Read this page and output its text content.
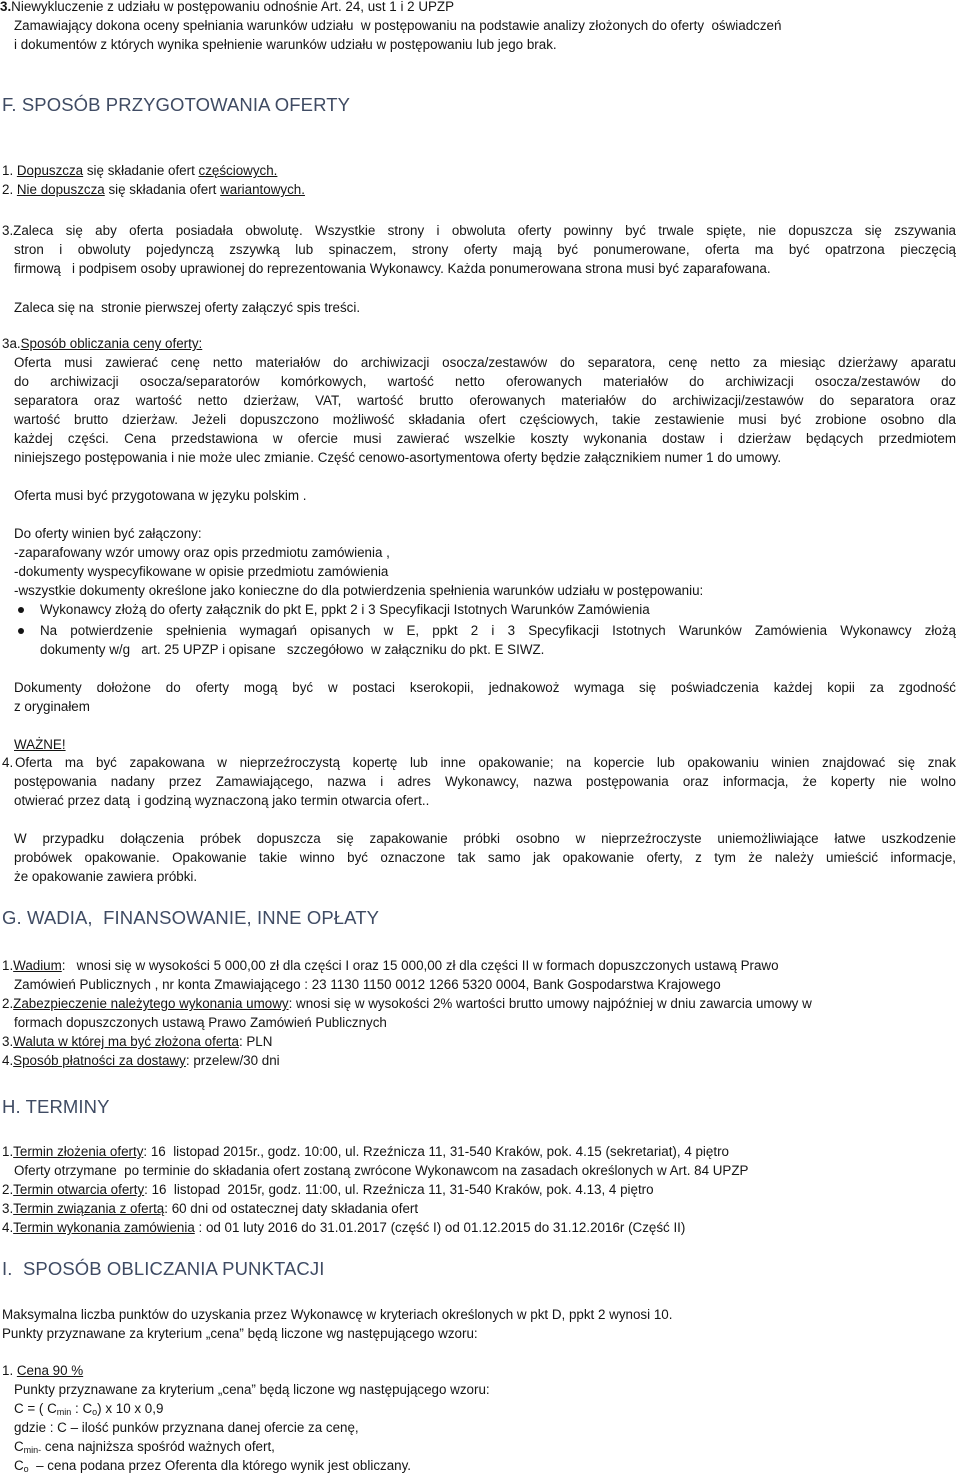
3.Niewykluczenie z udziału w postępowaniu odnośnie Art. 24, ust 1 i 2 UPZP
Zamawiający dokona oceny spełniania warunków udziału  w postępowaniu na podstawie analizy złożonych do oferty  oświadczeń
i dokumentów z których wynika spełnienie warunków udziału w postępowaniu lub jego brak.
F. SPOSÓB PRZYGOTOWANIA OFERTY
1. Dopuszcza się składanie ofert częściowych.
2. Nie dopuszcza się składania ofert wariantowych.
3.Zaleca się aby oferta posiadała obwolutę. Wszystkie strony i obwoluta oferty powinny być trwale spięte, nie dopuszcza się zszywania
stron i obwoluty pojedynczą zszywką lub spinaczem, strony oferty mają być ponumerowane, oferta ma być opatrzona pieczęcią
firmową   i podpisem osoby uprawionej do reprezentowania Wykonawcy. Każda ponumerowana strona musi być zaparafowana.
Zaleca się na  stronie pierwszej oferty załączyć spis treści.
3a.Sposób obliczania ceny oferty:
Oferta musi zawierać cenę netto materiałów do archiwizacji osocza/zestawów do separatora, cenę netto za miesiąc dzierżawy aparatu
do archiwizacji osocza/separatorów komórkowych, wartość netto oferowanych materiałów do archiwizacji osocza/zestawów do
separatora oraz wartość netto dzierżaw, VAT, wartość brutto oferowanych materiałów do archiwizacji/zestawów do separatora oraz
wartość brutto dzierżaw. Jeżeli dopuszczono możliwość składania ofert częściowych, takie zestawienie musi być zrobione osobno dla
każdej części. Cena przedstawiona w ofercie musi zawierać wszelkie koszty wykonania dostaw i dzierżaw będących przedmiotem
niniejszego postępowania i nie może ulec zmianie. Część cenowo-asortymentowa oferty będzie załącznikiem numer 1 do umowy.
Oferta musi być przygotowana w języku polskim .
Do oferty winien być załączony:
-zaparafowany wzór umowy oraz opis przedmiotu zamówienia ,
-dokumenty wyspecyfikowane w opisie przedmiotu zamówienia
-wszystkie dokumenty określone jako konieczne do dla potwierdzenia spełnienia warunków udziału w postępowaniu:
Wykonawcy złożą do oferty załącznik do pkt E, ppkt 2 i 3 Specyfikacji Istotnych Warunków Zamówienia
Na potwierdzenie spełnienia wymagań opisanych w E, ppkt 2 i 3 Specyfikacji Istotnych Warunków Zamówienia Wykonawcy złożą
dokumenty w/g   art. 25 UPZP i opisane   szczegółowo  w załączniku do pkt. E SIWZ.
Dokumenty dołożone do oferty mogą być w postaci kserokopii, jednakowoż wymaga się poświadczenia każdej kopii za zgodność
z oryginałem
WAŻNE!
4. Oferta ma być zapakowana w nieprzeźroczystą kopertę lub inne opakowanie; na kopercie lub opakowaniu winien znajdować się znak
postępowania nadany przez Zamawiającego, nazwa i adres Wykonawcy, nazwa postępowania oraz informacja, że koperty nie wolno
otwierać przez datą  i godziną wyznaczoną jako termin otwarcia ofert..
W przypadku dołączenia próbek dopuszcza się zapakowanie próbki osobno w nieprzeźroczyste uniemożliwiające łatwe uszkodzenie
probówek opakowanie. Opakowanie takie winno być oznaczone tak samo jak opakowanie oferty, z tym że należy umieścić informacje,
że opakowanie zawiera próbki.
G. WADIA,  FINANSOWANIE, INNE OPŁATY
1.Wadium:   wnosi się w wysokości 5 000,00 zł dla części I oraz 15 000,00 zł dla części II w formach dopuszczonych ustawą Prawo
Zamówień Publicznych , nr konta Zmawiającego : 23 1130 1150 0012 1266 5320 0004, Bank Gospodarstwa Krajowego
2.Zabezpieczenie należytego wykonania umowy: wnosi się w wysokości 2% wartości brutto umowy najpóźniej w dniu zawarcia umowy w
formach dopuszczonych ustawą Prawo Zamówień Publicznych
3.Waluta w której ma być złożona oferta: PLN
4.Sposób płatności za dostawy: przelew/30 dni
H. TERMINY
1.Termin złożenia oferty: 16  listopad 2015r., godz. 10:00, ul. Rzeźnicza 11, 31-540 Kraków, pok. 4.15 (sekretariat), 4 piętro
Oferty otrzymane  po terminie do składania ofert zostaną zwrócone Wykonawcom na zasadach określonych w Art. 84 UPZP
2.Termin otwarcia oferty: 16  listopad  2015r, godz. 11:00, ul. Rzeźnicza 11, 31-540 Kraków, pok. 4.13, 4 piętro
3.Termin związania z ofertą: 60 dni od ostatecznej daty składania ofert
4.Termin wykonania zamówienia : od 01 luty 2016 do 31.01.2017 (część I) od 01.12.2015 do 31.12.2016r (Część II)
I.  SPOSÓB OBLICZANIA PUNKTACJI
Maksymalna liczba punktów do uzyskania przez Wykonawcę w kryteriach określonych w pkt D, ppkt 2 wynosi 10.
Punkty przyznawane za kryterium „cena” będą liczone wg następującego wzoru:
1. Cena 90 %
Punkty przyznawane za kryterium „cena” będą liczone wg następującego wzoru:
C = ( $C_{min}$ : $C_o$) x 10 x 0,9
gdzie : C – ilość punków przyznana danej ofercie za cenę,
$C_{min-}$ cena najniższa spośród ważnych ofert,
$C_o$  – cena podana przez Oferenta dla którego wynik jest obliczany.
